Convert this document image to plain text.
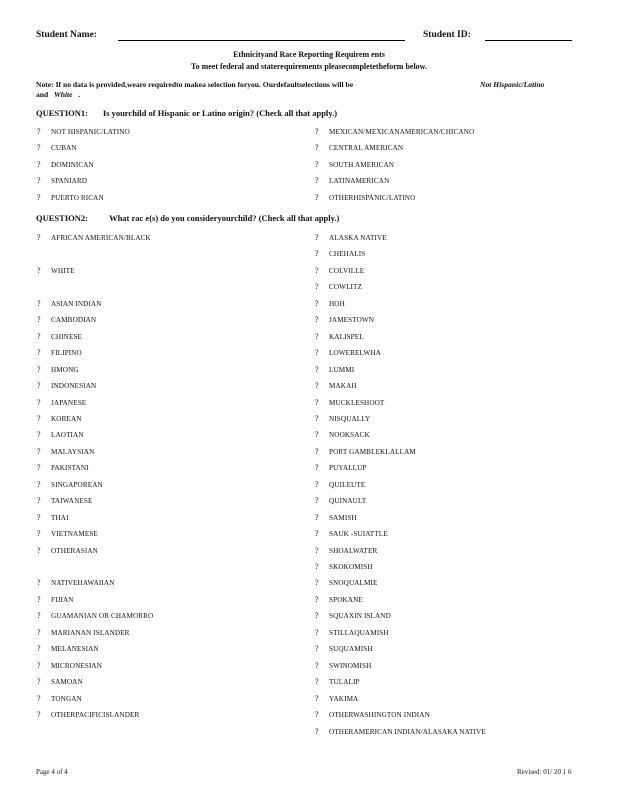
Student Name:	Student ID:
Ethnicityand Race Reporting Requirem ents
To meet federal and staterequirements pleasecompletetheform below.
Note: If no data is provided,weare requiredto makea selection foryou. Ourdefaultselections will be	Not Hispanic/Latino
and White .
QUESTION1: Is yourchild of Hispanic or Latino origin? (Check all that apply.)
? NOT HISPANIC/LATINO
? CUBAN
? DOMINICAN
? SPANIARD
? PUERTO RICAN
? MEXICAN/MEXICANAMERICAN/CHICANO
? CENTRAL AMERICAN
? SOUTH AMERICAN
? LATINAMERICAN
? OTHERHISPANIC/LATINO
QUESTION2: What rac e(s) do you consideryourchild? (Check all that apply.)
? AFRICAN AMERICAN/BLACK
? WHITE
? ASIAN INDIAN
? CAMBODIAN
? CHINESE
? FILIPINO
? HMONG
? INDONESIAN
? JAPANESE
? KOREAN
? LAOTIAN
? MALAYSIAN
? PAKISTANI
? SINGAPOREAN
? TAIWANESE
? THAI
? VIETNAMESE
? OTHERASIAN
? NATIVEHAWAIIAN
? FIJIAN
? GUAMANIAN OR CHAMORRO
? MARIANAN ISLANDER
? MELANESIAN
? MICRONESIAN
? SAMOAN
? TONGAN
? OTHERPACIFICISLANDER
? ALASKA NATIVE
? CHEHALIS
? COLVILLE
? COWLITZ
? HOH
? JAMESTOWN
? KALISPEL
? LOWERELWHA
? LUMMI
? MAKAH
? MUCKLESHOOT
? NISQUALLY
? NOOKSACK
? PORT GAMBLEKLALLAM
? PUYALLUP
? QUILEUTE
? QUINAULT
? SAMISH
? SAUK -SUIATTLE
? SHOALWATER
? SKOKOMISH
? SNOQUALMIE
? SPOKANE
? SQUAXIN ISLAND
? STILLAQUAMISH
? SUQUAMISH
? SWINOMISH
? TULALIP
? YAKIMA
? OTHERWASHINGTON INDIAN
? OTHERAMERICAN INDIAN/ALASAKA NATIVE
Page 4 of 4	Revised: 01/ 20 1 6
